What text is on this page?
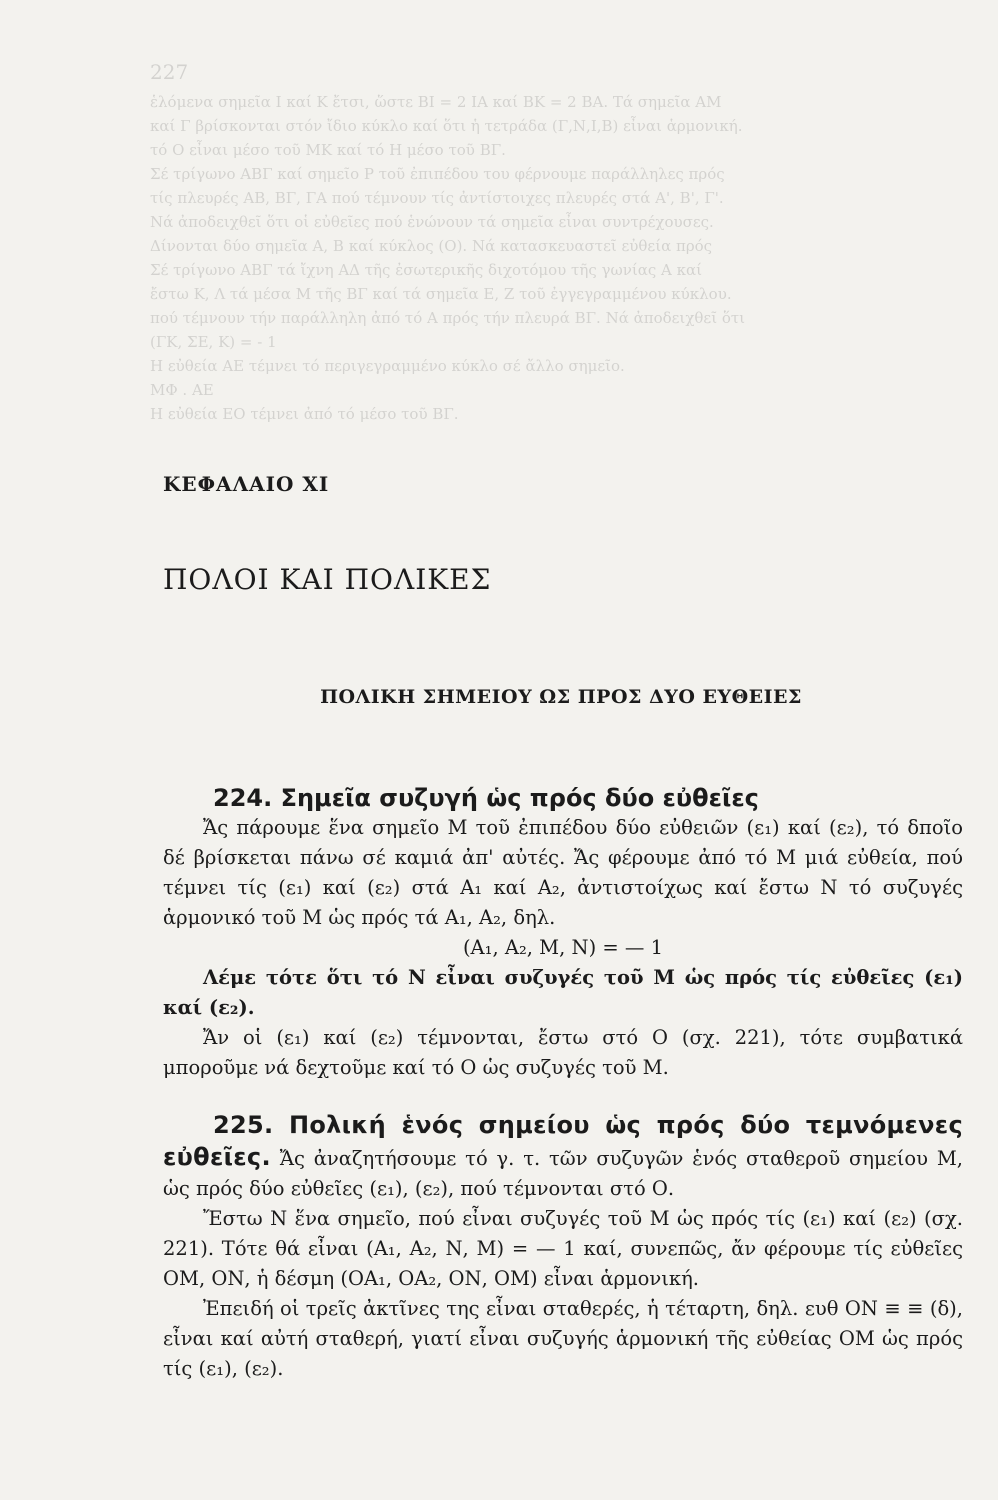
227

ἑλόμενα σημεῖα Ι καί Κ ἔτσι, ὥστε ΒΙ = 2 ΙΑ καί ΒΚ = 2 ΒΑ. Τά σημεῖα ΑΜ

καί Γ βρίσκονται στόν ἴδιο κύκλο καί ὅτι ἡ τετράδα (Γ,Ν,Ι,Β) εἶναι ἁρμονική.

τό Ο εἶναι μέσο τοῦ ΜΚ καί τό Η μέσο τοῦ ΒΓ.

Σέ τρίγωνο ΑΒΓ καί σημεῖο Ρ τοῦ ἐπιπέδου του φέρνουμε παράλληλες πρός

τίς πλευρές ΑΒ, ΒΓ, ΓΑ πού τέμνουν τίς ἀντίστοιχες πλευρές στά Α', Β', Γ'.

Νά ἀποδειχθεῖ ὅτι οἱ εὐθεῖες πού ἑνώνουν τά σημεῖα εἶναι συντρέχουσες.

Δίνονται δύο σημεῖα Α, Β καί κύκλος (Ο). Νά κατασκευαστεῖ εὐθεία πρός

Σέ τρίγωνο ΑΒΓ τά ἴχνη ΑΔ τῆς ἐσωτερικῆς διχοτόμου τῆς γωνίας Α καί

ἔστω Κ, Λ τά μέσα Μ τῆς ΒΓ καί τά σημεῖα Ε, Ζ τοῦ ἐγγεγραμμένου κύκλου.

πού τέμνουν τήν παράλληλη ἀπό τό Α πρός τήν πλευρά ΒΓ. Νά ἀποδειχθεῖ ὅτι

(ΓΚ, ΣΕ, Κ) = - 1

Η εὐθεία ΑΕ τέμνει τό περιγεγραμμένο κύκλο σέ ἄλλο σημεῖο.

ΜΦ . ΑΕ

Η εὐθεία ΕΟ τέμνει ἀπό τό μέσο τοῦ ΒΓ.

ΚΕΦΑΛΑΙΟ XI
ΠΟΛΟΙ ΚΑΙ ΠΟΛΙΚΕΣ
ΠΟΛΙΚΗ ΣΗΜΕΙΟΥ ΩΣ ΠΡΟΣ ΔΥΟ ΕΥΘΕΙΕΣ

224. Σημεῖα συζυγή ὡς πρός δύο εὐθεῖες

Ἄς πάρουμε ἕνα σημεῖο Μ τοῦ ἐπιπέδου δύο εὐθειῶν (ε₁) καί (ε₂), τό δποῖο δέ βρίσκεται πάνω σέ καμιά ἀπ' αὐτές. Ἄς φέρουμε ἀπό τό Μ μιά εὐθεία, πού τέμνει τίς (ε₁) καί (ε₂) στά Α₁ καί Α₂, ἀντιστοίχως καί ἔστω Ν τό συζυγές ἁρμονικό τοῦ Μ ὡς πρός τά Α₁, Α₂, δηλ.

(Α₁, Α₂, Μ, Ν) = — 1

Λέμε τότε ὅτι τό Ν εἶναι συζυγές τοῦ Μ ὡς πρός τίς εὐθεῖες (ε₁) καί (ε₂).

Ἄν οἱ (ε₁) καί (ε₂) τέμνονται, ἔστω στό Ο (σχ. 221), τότε συμβατικά μποροῦμε νά δεχτοῦμε καί τό Ο ὡς συζυγές τοῦ Μ.

225. Πολική ἑνός σημείου ὡς πρός δύο τεμνόμενες εὐθεῖες. Ἄς ἀναζητήσουμε τό γ. τ. τῶν συζυγῶν ἑνός σταθεροῦ σημείου Μ, ὡς πρός δύο εὐθεῖες (ε₁), (ε₂), πού τέμνονται στό Ο.

Ἔστω Ν ἕνα σημεῖο, πού εἶναι συζυγές τοῦ Μ ὡς πρός τίς (ε₁) καί (ε₂) (σχ. 221). Τότε θά εἶναι (Α₁, Α₂, Ν, Μ) = — 1 καί, συνεπῶς, ἄν φέρουμε τίς εὐθεῖες ΟΜ, ΟΝ, ἡ δέσμη (ΟΑ₁, ΟΑ₂, ΟΝ, ΟΜ) εἶναι ἁρμονική.

Ἐπειδή οἱ τρεῖς ἀκτῖνες της εἶναι σταθερές, ἡ τέταρτη, δηλ. ευθ ΟΝ ≡ ≡ (δ), εἶναι καί αὐτή σταθερή, γιατί εἶναι συζυγής ἁρμονική τῆς εὐθείας ΟΜ ὡς πρός τίς (ε₁), (ε₂).
